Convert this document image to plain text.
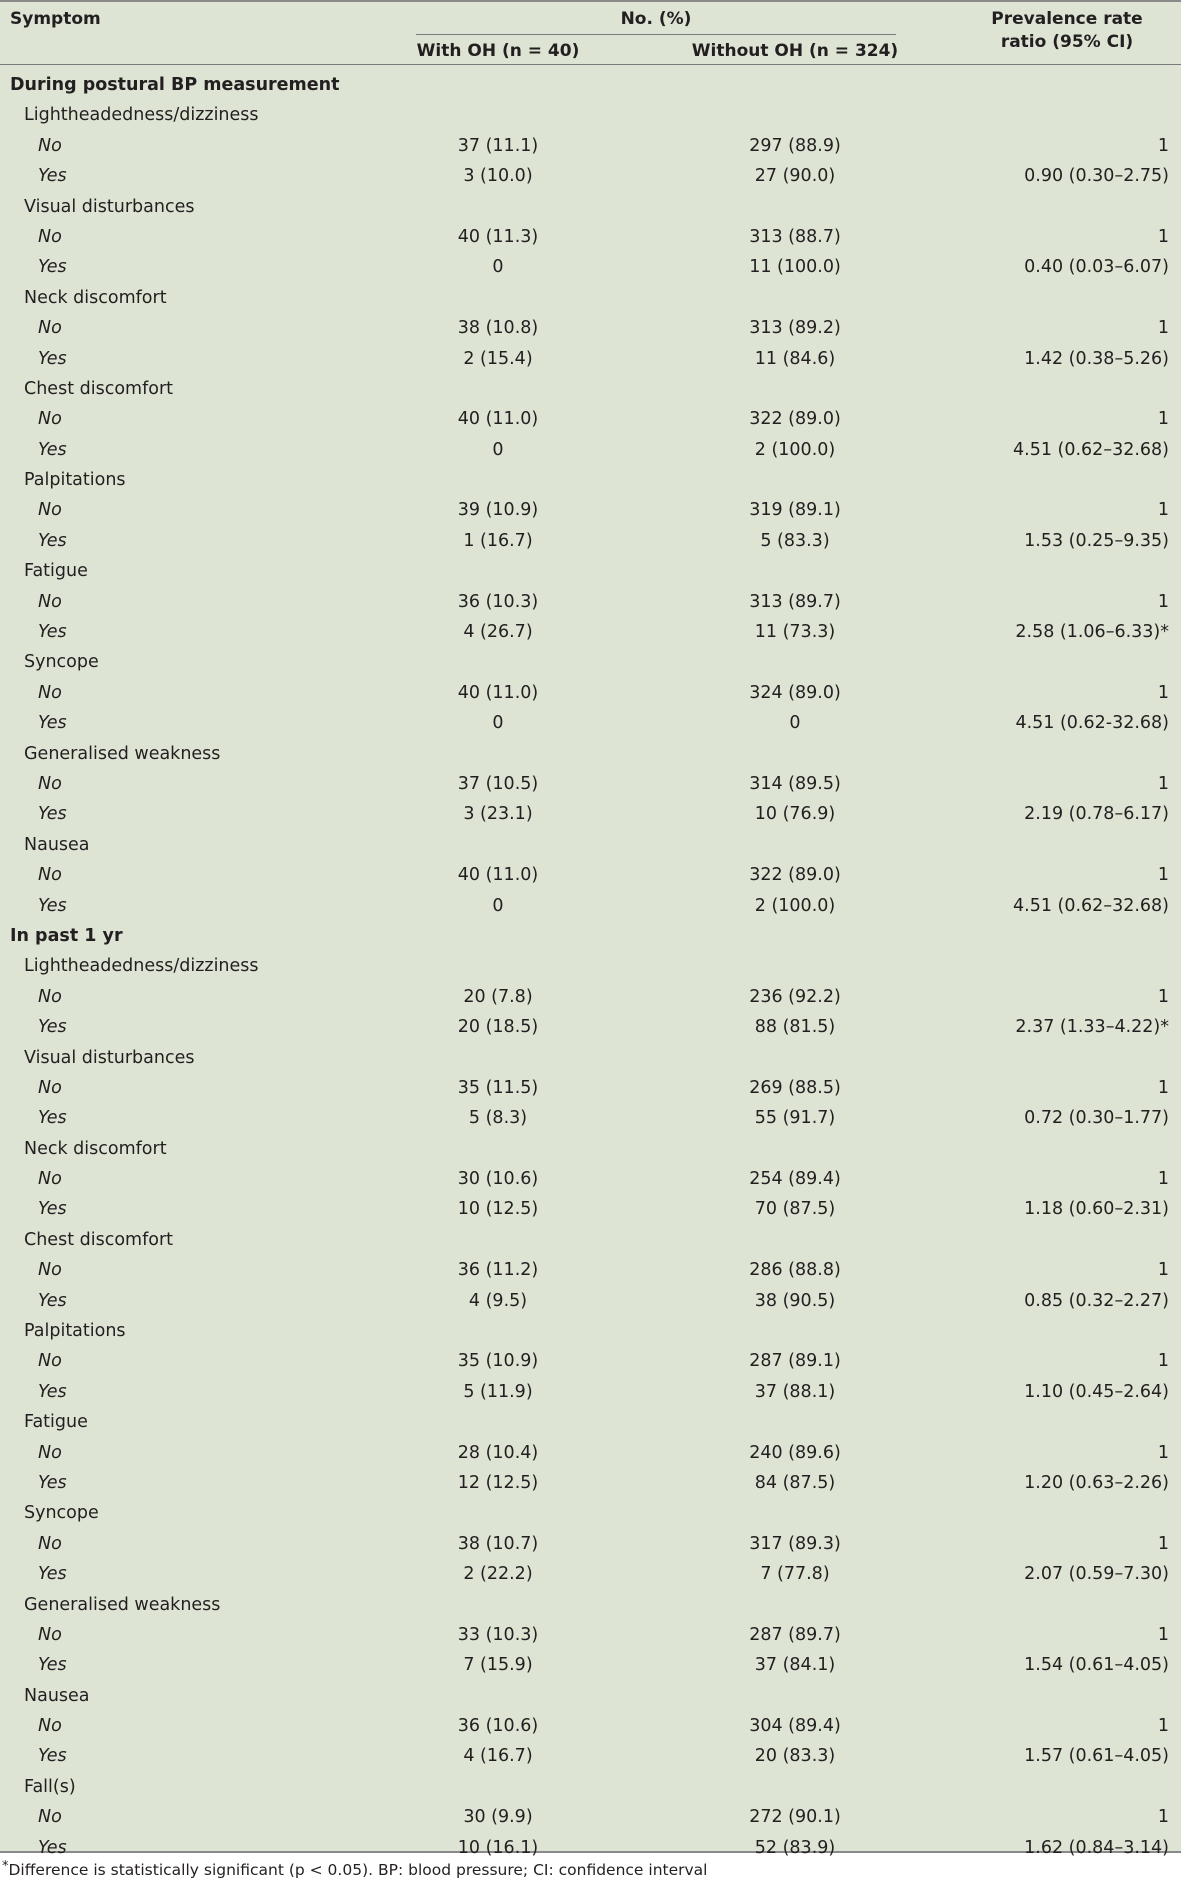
Symptom	No. (%)
With OH (n = 40)	Without OH (n = 324)
Prevalence rate
ratio (95% CI)
During postural BP measurement
Lightheadedness/dizziness
No	37 (11.1)	297 (88.9)	1
Yes	3 (10.0)	27 (90.0)	0.90 (0.30–2.75)
Visual disturbances
No	40 (11.3)	313 (88.7)	1
Yes	0	11 (100.0)	0.40 (0.03–6.07)
Neck discomfort
No	38 (10.8)	313 (89.2)	1
Yes	2 (15.4)	11 (84.6)	1.42 (0.38–5.26)
Chest discomfort
No	40 (11.0)	322 (89.0)	1
Yes	0	2 (100.0)	4.51 (0.62–32.68)
Palpitations
No	39 (10.9)	319 (89.1)	1
Yes	1 (16.7)	5 (83.3)	1.53 (0.25–9.35)
Fatigue
No	36 (10.3)	313 (89.7)	1
Yes	4 (26.7)	11 (73.3)	2.58 (1.06–6.33)*
Syncope
No	40 (11.0)	324 (89.0)	1
Yes	0	0	4.51 (0.62-32.68)
Generalised weakness
No	37 (10.5)	314 (89.5)	1
Yes	3 (23.1)	10 (76.9)	2.19 (0.78–6.17)
Nausea
No	40 (11.0)	322 (89.0)	1
Yes	0	2 (100.0)	4.51 (0.62–32.68)
In past 1 yr
Lightheadedness/dizziness
No	20 (7.8)	236 (92.2)	1
Yes	20 (18.5)	88 (81.5)	2.37 (1.33–4.22)*
Visual disturbances
No	35 (11.5)	269 (88.5)	1
Yes	5 (8.3)	55 (91.7)	0.72 (0.30–1.77)
Neck discomfort
No	30 (10.6)	254 (89.4)	1
Yes	10 (12.5)	70 (87.5)	1.18 (0.60–2.31)
Chest discomfort
No	36 (11.2)	286 (88.8)	1
Yes	4 (9.5)	38 (90.5)	0.85 (0.32–2.27)
Palpitations
No	35 (10.9)	287 (89.1)	1
Yes	5 (11.9)	37 (88.1)	1.10 (0.45–2.64)
Fatigue
No	28 (10.4)	240 (89.6)	1
Yes	12 (12.5)	84 (87.5)	1.20 (0.63–2.26)
Syncope
No	38 (10.7)	317 (89.3)	1
Yes	2 (22.2)	7 (77.8)	2.07 (0.59–7.30)
Generalised weakness
No	33 (10.3)	287 (89.7)	1
Yes	7 (15.9)	37 (84.1)	1.54 (0.61–4.05)
Nausea
No	36 (10.6)	304 (89.4)	1
Yes	4 (16.7)	20 (83.3)	1.57 (0.61–4.05)
Fall(s)
No	30 (9.9)	272 (90.1)	1
Yes	10 (16.1)	52 (83.9)	1.62 (0.84–3.14)
*Difference is statistically significant (p < 0.05). BP: blood pressure; CI: confidence interval
